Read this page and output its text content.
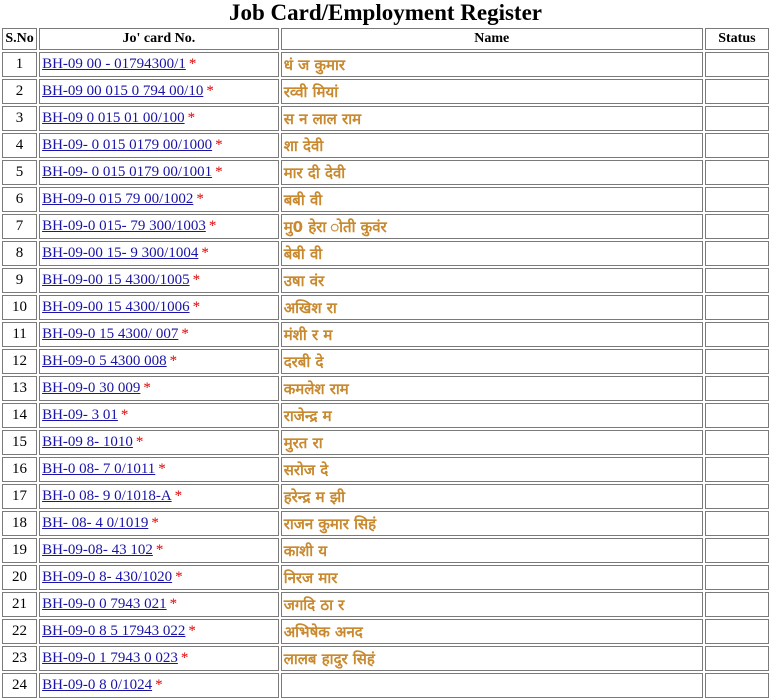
Job Card/Employment Register
S.No	Jo' card No.	Name	Status
1	BH-09 00 - 01794300/1 *	धं ज कुमार	
2	BH-09 00 015 0 794 00/10 *	रव्वी मियां	
3	BH-09 0 015 01 00/100 *	स न लाल राम	
4	BH-09- 0 015 0179 00/1000 *	शा देवी	
5	BH-09- 0 015 0179 00/1001 *	मार दी देवी	
6	BH-09-0 015 79 00/1002 *	बबी वी	
7	BH-09-0 015- 79 300/1003 *	मु0 हेरा ोती कुवंर	
8	BH-09-00 15- 9 300/1004 *	बेबी वी	
9	BH-09-00 15 4300/1005 *	उषा वंर	
10	BH-09-00 15 4300/1006 *	अखिश रा	
11	BH-09-0 15 4300/ 007 *	मंशी र म	
12	BH-09-0 5 4300 008 *	दरबी दे	
13	BH-09-0 30 009 *	कमलेश राम	
14	BH-09- 3 01 *	राजेन्द्र म	
15	BH-09 8- 1010 *	मुरत रा	
16	BH-0 08- 7 0/1011 *	सरोज दे	
17	BH-0 08- 9 0/1018-A *	हरेन्द्र म झी	
18	BH- 08- 4 0/1019 *	राजन कुमार सिहं	
19	BH-09-08- 43 102 *	काशी य	
20	BH-09-0 8- 430/1020 *	निरज मार	
21	BH-09-0 0 7943 021 *	जगदि ठा र	
22	BH-09-0 8 5 17943 022 *	अभिषेक अनद	
23	BH-09-0 1 7943 0 023 *	लालब हादुर सिहं	
24	BH-09-0 8 0/1024 *		
